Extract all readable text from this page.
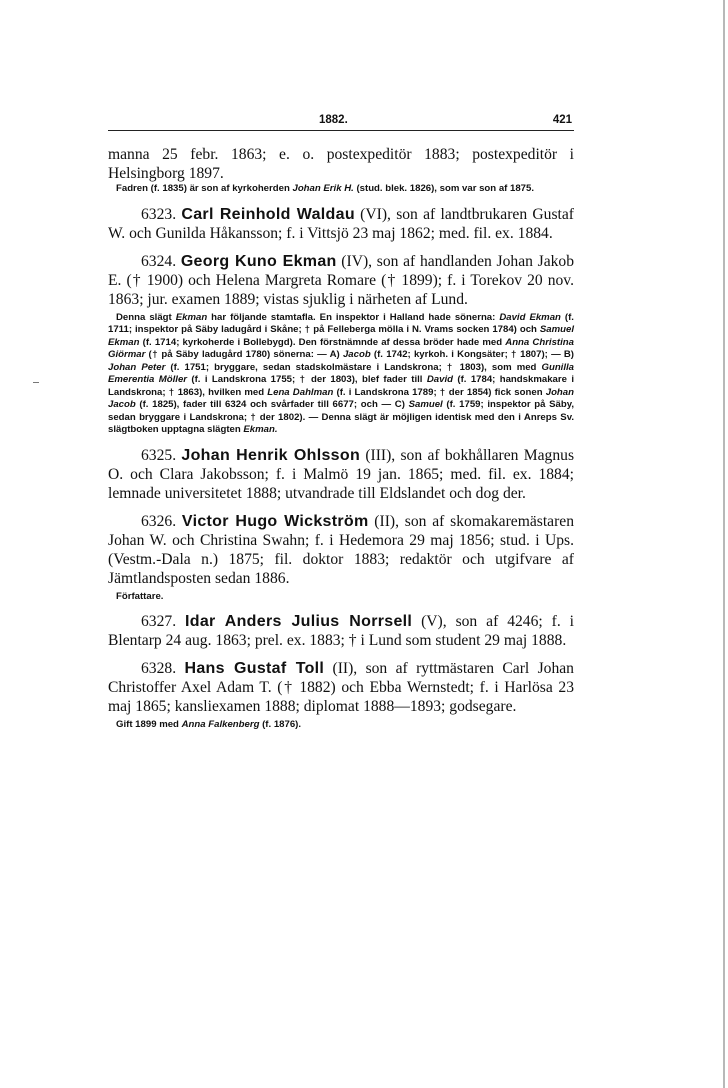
1882.	421

manna 25 febr. 1863; e. o. postexpeditör 1883; postexpeditör i Helsingborg 1897.

Fadren (f. 1835) är son af kyrkoherden Johan Erik H. (stud. blek. 1826), som var son af 1875.

6323. Carl Reinhold Waldau (VI), son af landtbrukaren Gustaf W. och Gunilda Håkansson; f. i Vittsjö 23 maj 1862; med. fil. ex. 1884.

6324. Georg Kuno Ekman (IV), son af handlanden Johan Jakob E. († 1900) och Helena Margreta Romare († 1899); f. i Torekov 20 nov. 1863; jur. examen 1889; vistas sjuklig i närheten af Lund.

Denna slägt Ekman har följande stamtafla. En inspektor i Halland hade sönerna: David Ekman (f. 1711; inspektor på Säby ladugård i Skåne; † på Felleberga mölla i N. Vrams socken 1784) och Samuel Ekman (f. 1714; kyrkoherde i Bollebygd). Den förstnämnde af dessa bröder hade med Anna Christina Giörmar († på Säby ladugård 1780) sönerna: — A) Jacob (f. 1742; kyrkoh. i Kongsäter; † 1807); — B) Johan Peter (f. 1751; bryggare, sedan stadskolmästare i Landskrona; † 1803), som med Gunilla Emerentia Möller (f. i Landskrona 1755; † der 1803), blef fader till David (f. 1784; handskmakare i Landskrona; † 1863), hvilken med Lena Dahlman (f. i Landskrona 1789; † der 1854) fick sonen Johan Jacob (f. 1825), fader till 6324 och svårfader till 6677; och — C) Samuel (f. 1759; inspektor på Säby, sedan bryggare i Landskrona; † der 1802). — Denna slägt är möjligen identisk med den i Anreps Sv. slägtboken upptagna slägten Ekman.

6325. Johan Henrik Ohlsson (III), son af bokhållaren Magnus O. och Clara Jakobsson; f. i Malmö 19 jan. 1865; med. fil. ex. 1884; lemnade universitetet 1888; utvandrade till Eldslandet och dog der.

6326. Victor Hugo Wickström (II), son af skomakaremästaren Johan W. och Christina Swahn; f. i Hedemora 29 maj 1856; stud. i Ups. (Vestm.-Dala n.) 1875; fil. doktor 1883; redaktör och utgifvare af Jämtlandsposten sedan 1886.

Författare.

6327. Idar Anders Julius Norrsell (V), son af 4246; f. i Blentarp 24 aug. 1863; prel. ex. 1883; † i Lund som student 29 maj 1888.

6328. Hans Gustaf Toll (II), son af ryttmästaren Carl Johan Christoffer Axel Adam T. († 1882) och Ebba Wernstedt; f. i Harlösa 23 maj 1865; kansliexamen 1888; diplomat 1888—1893; godsegare.

Gift 1899 med Anna Falkenberg (f. 1876).
